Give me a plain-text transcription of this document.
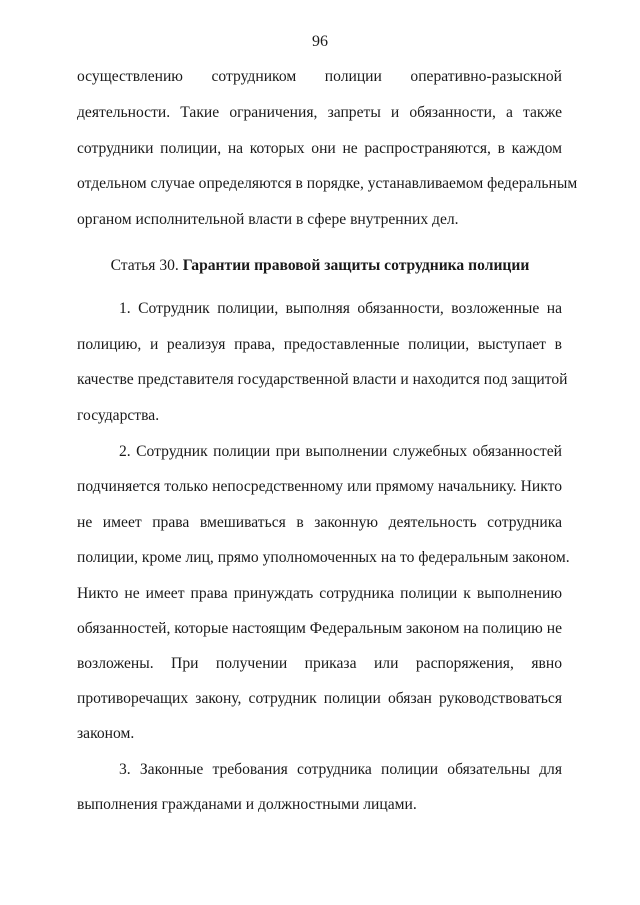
96
осуществлению сотрудником полиции оперативно-разыскной
деятельности. Такие ограничения, запреты и обязанности, а также
сотрудники полиции, на которых они не распространяются, в каждом
отдельном случае определяются в порядке, устанавливаемом федеральным
органом исполнительной власти в сфере внутренних дел.
Статья 30. Гарантии правовой защиты сотрудника полиции
1. Сотрудник полиции, выполняя обязанности, возложенные на
полицию, и реализуя права, предоставленные полиции, выступает в
качестве представителя государственной власти и находится под защитой
государства.
2. Сотрудник полиции при выполнении служебных обязанностей
подчиняется только непосредственному или прямому начальнику. Никто
не имеет права вмешиваться в законную деятельность сотрудника
полиции, кроме лиц, прямо уполномоченных на то федеральным законом.
Никто не имеет права принуждать сотрудника полиции к выполнению
обязанностей, которые настоящим Федеральным законом на полицию не
возложены. При получении приказа или распоряжения, явно
противоречащих закону, сотрудник полиции обязан руководствоваться
законом.
3. Законные требования сотрудника полиции обязательны для
выполнения гражданами и должностными лицами.
